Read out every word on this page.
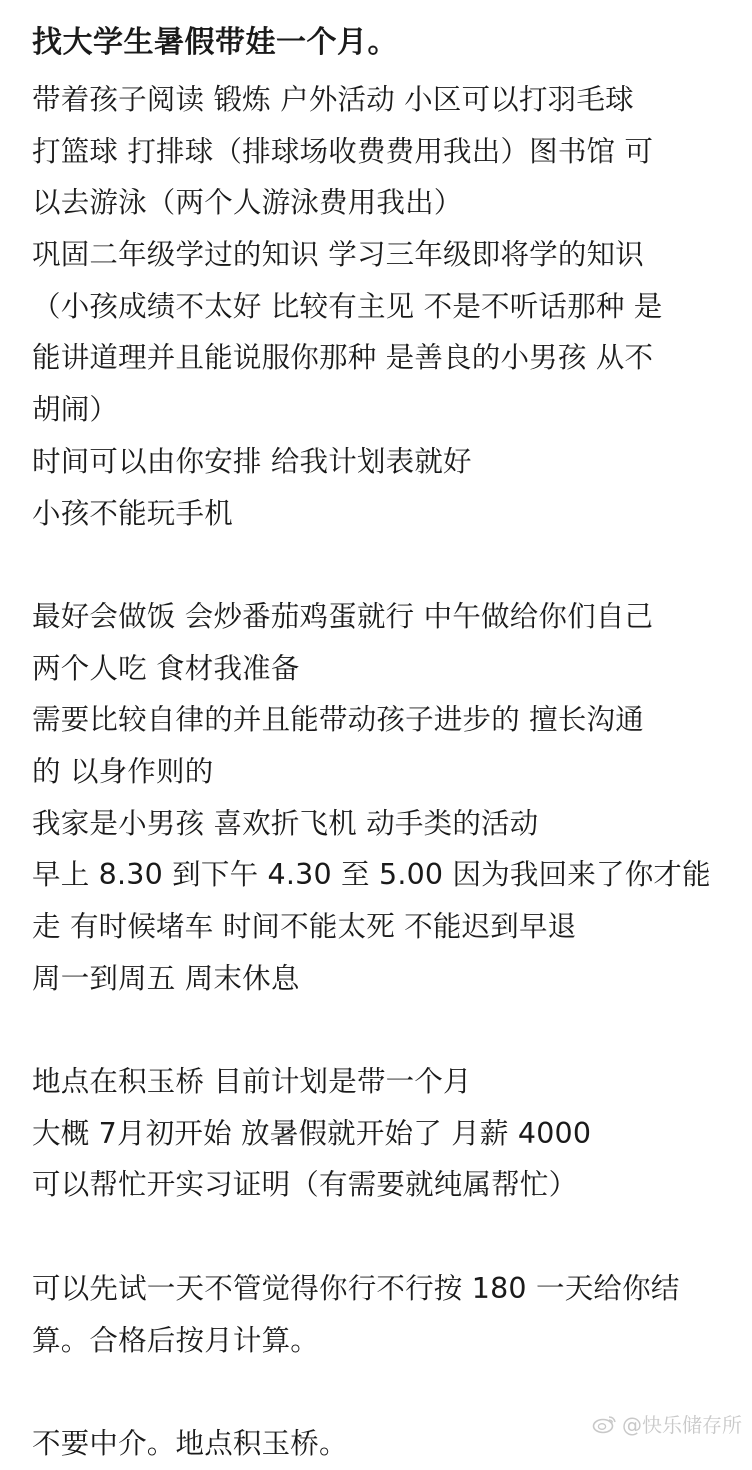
找大学生暑假带娃一个月。
带着孩子阅读 锻炼 户外活动 小区可以打羽毛球
打篮球 打排球（排球场收费费用我出）图书馆 可
以去游泳（两个人游泳费用我出）
巩固二年级学过的知识 学习三年级即将学的知识
（小孩成绩不太好 比较有主见 不是不听话那种 是
能讲道理并且能说服你那种 是善良的小男孩 从不
胡闹）
时间可以由你安排 给我计划表就好
小孩不能玩手机
最好会做饭 会炒番茄鸡蛋就行 中午做给你们自己
两个人吃 食材我准备
需要比较自律的并且能带动孩子进步的 擅长沟通
的 以身作则的
我家是小男孩 喜欢折飞机 动手类的活动
早上 8.30 到下午 4.30 至 5.00 因为我回来了你才能
走 有时候堵车 时间不能太死 不能迟到早退
周一到周五 周末休息
地点在积玉桥 目前计划是带一个月
大概 7月初开始 放暑假就开始了 月薪 4000
可以帮忙开实习证明（有需要就纯属帮忙）
可以先试一天不管觉得你行不行按 180 一天给你结
算。合格后按月计算。
不要中介。地点积玉桥。
@快乐储存所
